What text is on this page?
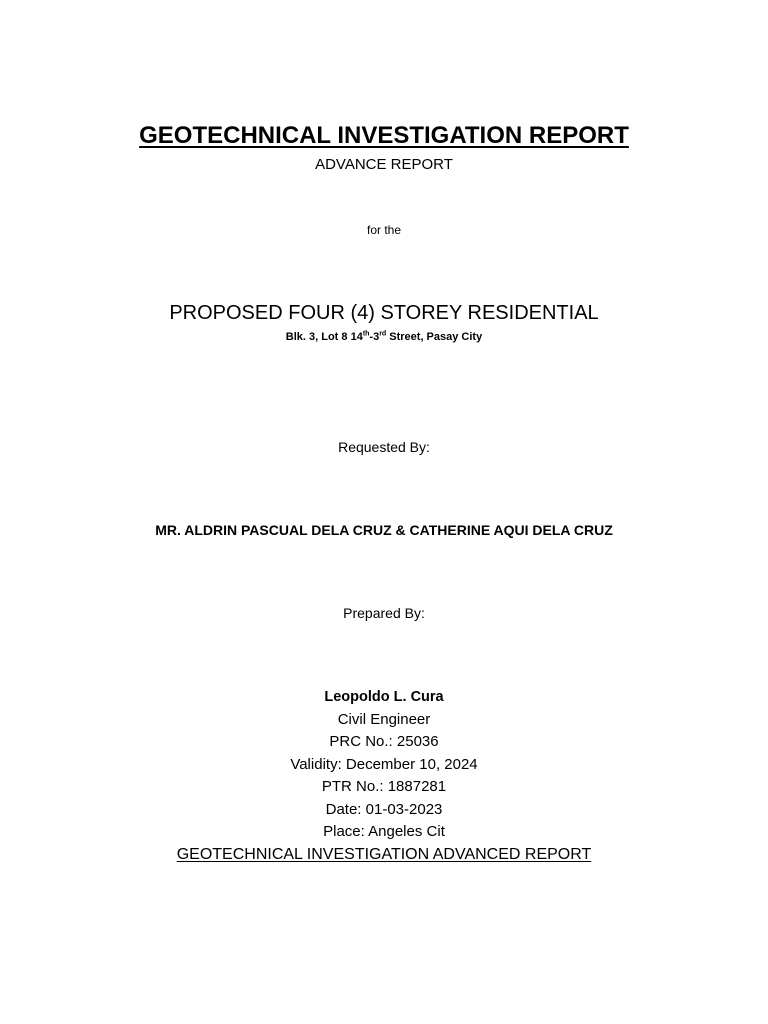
GEOTECHNICAL INVESTIGATION REPORT
ADVANCE REPORT
for the
PROPOSED FOUR (4) STOREY RESIDENTIAL
Blk. 3, Lot 8 14th-3rd Street, Pasay City
Requested By:
MR. ALDRIN PASCUAL DELA CRUZ & CATHERINE AQUI DELA CRUZ
Prepared By:
Leopoldo L. Cura
Civil Engineer
PRC No.: 25036
Validity: December 10, 2024
PTR No.: 1887281
Date: 01-03-2023
Place: Angeles Cit
GEOTECHNICAL INVESTIGATION ADVANCED REPORT
